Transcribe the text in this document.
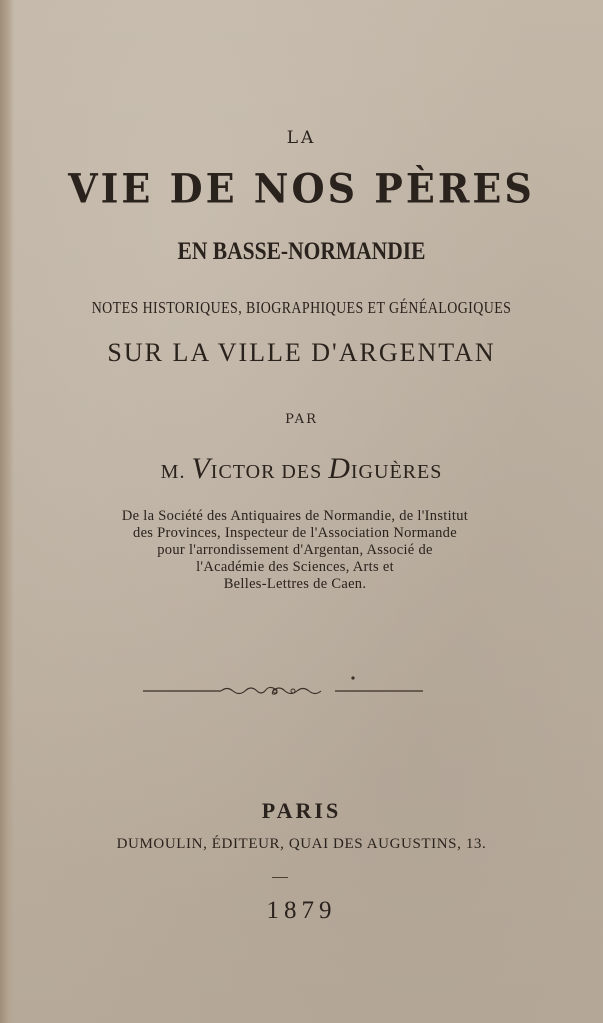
LA
VIE DE NOS PÈRES
EN BASSE-NORMANDIE
NOTES HISTORIQUES, BIOGRAPHIQUES ET GÉNÉALOGIQUES
SUR LA VILLE D'ARGENTAN
PAR
M. VICTOR DES DIGUÈRES
De la Société des Antiquaires de Normandie, de l'Institut
des Provinces, Inspecteur de l'Association Normande
pour l'arrondissement d'Argentan, Associé de
l'Académie des Sciences, Arts et
Belles-Lettres de Caen.
PARIS
DUMOULIN, ÉDITEUR, QUAI DES AUGUSTINS, 13.
1879
